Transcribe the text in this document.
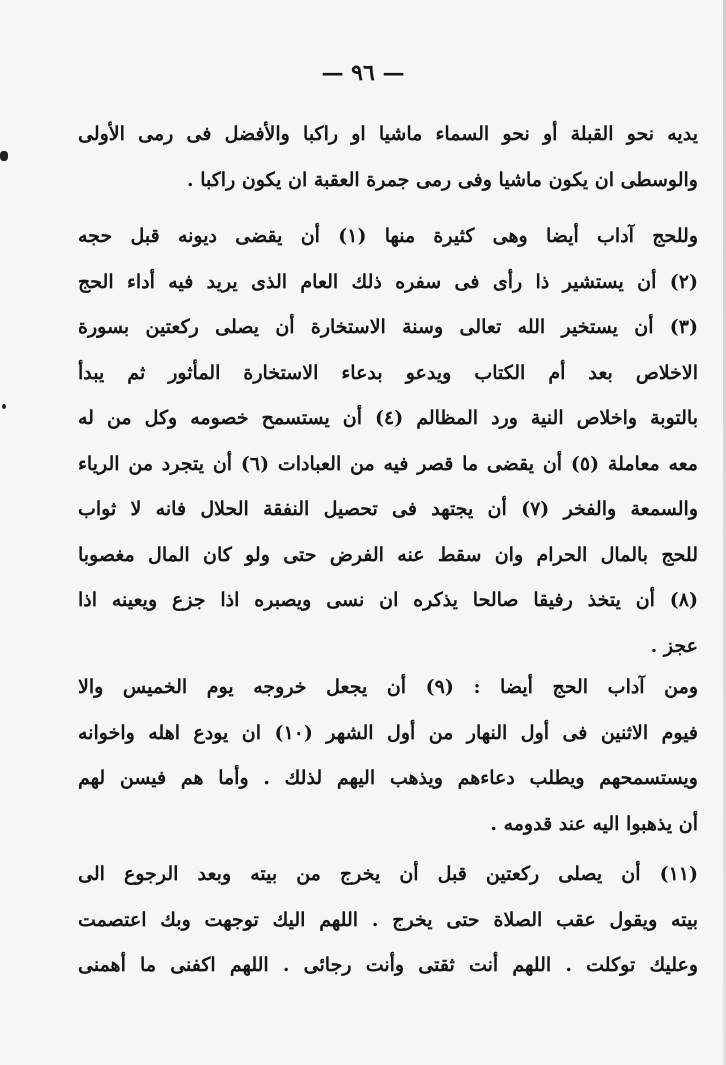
— ٩٦ —
يديه نحو القبلة أو نحو السماء ماشيا او راكبا والأفضل فى رمى الأولى
والوسطى ان يكون ماشيا وفى رمى جمرة العقبة ان يكون راكبا .
وللحج آداب أيضا وهى كثيرة منها (١) أن يقضى ديونه قبل حجه
(٢) أن يستشير ذا رأى فى سفره ذلك العام الذى يريد فيه أداء الحج
(٣) أن يستخير الله تعالى وسنة الاستخارة أن يصلى ركعتين بسورة
الاخلاص بعد أم الكتاب ويدعو بدعاء الاستخارة المأثور ثم يبدأ
بالتوبة واخلاص النية ورد المظالم (٤) أن يستسمح خصومه وكل من له
معه معاملة (٥) أن يقضى ما قصر فيه من العبادات (٦) أن يتجرد من الرياء
والسمعة والفخر (٧) أن يجتهد فى تحصيل النفقة الحلال فانه لا ثواب
للحج بالمال الحرام وان سقط عنه الفرض حتى ولو كان المال مغصوبا
(٨) أن يتخذ رفيقا صالحا يذكره ان نسى ويصبره اذا جزع ويعينه اذا
عجز .
ومن آداب الحج أيضا : (٩) أن يجعل خروجه يوم الخميس والا
فيوم الاثنين فى أول النهار من أول الشهر (١٠) ان يودع اهله واخوانه
ويستسمحهم ويطلب دعاءهم ويذهب اليهم لذلك . وأما هم فيسن لهم
أن يذهبوا اليه عند قدومه .
(١١) أن يصلى ركعتين قبل أن يخرج من بيته وبعد الرجوع الى
بيته ويقول عقب الصلاة حتى يخرج . اللهم اليك توجهت وبك اعتصمت
وعليك توكلت . اللهم أنت ثقتى وأنت رجائى . اللهم اكفنى ما أهمنى
